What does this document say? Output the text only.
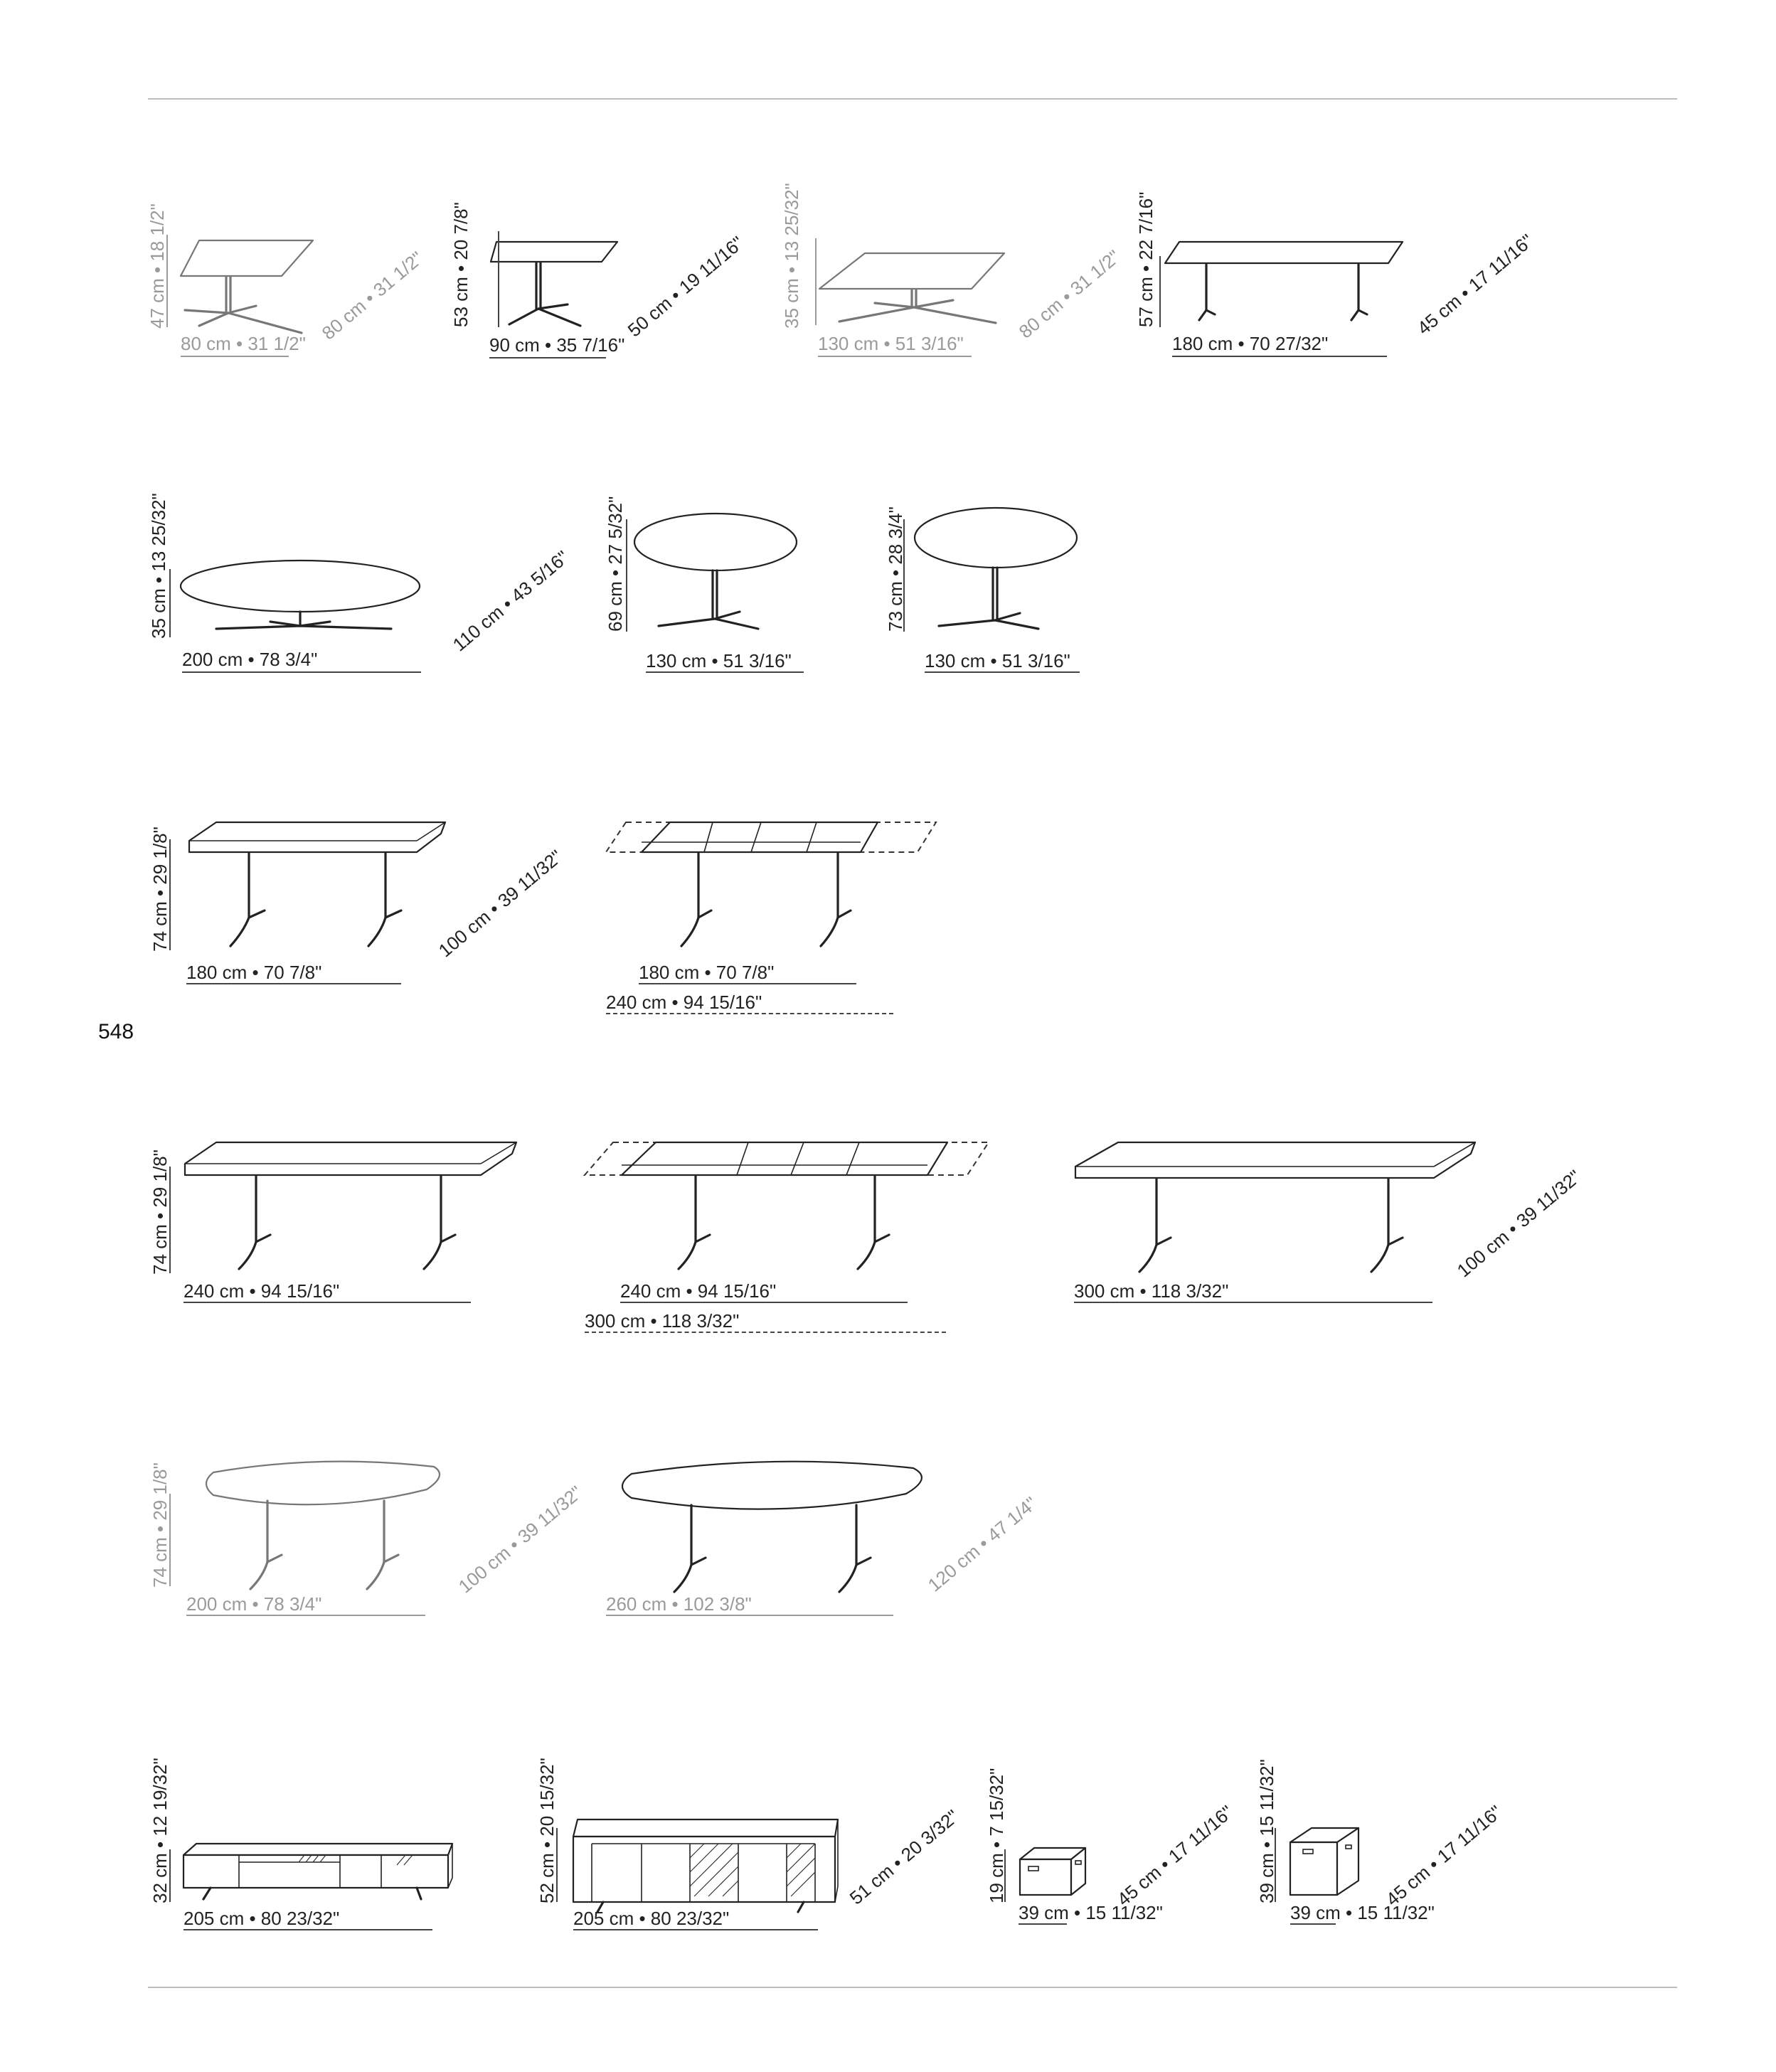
548
47 cm • 18 1/2"
80 cm • 31 1/2" 80 cm • 31 1/2" 53 cm • 20 7/8"
90 cm • 35 7/16"
50 cm • 19 11/16" 35 cm • 13 25/32"
130 cm • 51 3/16"
80 cm • 31 1/2" 57 cm • 22 7/16"
180 cm • 70 27/32"
45 cm • 17 11/16"
35 cm • 13 25/32"
200 cm • 78 3/4"
110 cm • 43 5/16" 69 cm • 27 5/32"
130 cm • 51 3/16"
73 cm • 28 3/4"
130 cm • 51 3/16"
74 cm • 29 1/8"
180 cm • 70 7/8"
100 cm • 39 11/32"
180 cm • 70 7/8"
240 cm • 94 15/16"
74 cm • 29 1/8"
240 cm • 94 15/16"	240 cm • 94 15/16"
300 cm • 118 3/32"
300 cm • 118 3/32"
100 cm • 39 11/32"
74 cm • 29 1/8"
200 cm • 78 3/4"
100 cm • 39 11/32"
260 cm • 102 3/8"
120 cm • 47 1/4"
32 cm • 12 19/32"
205 cm • 80 23/32"
52 cm • 20 15/32"
205 cm • 80 23/32"
51 cm • 20 3/32" 19 cm • 7 15/32"
39 cm • 15 11/32"
45 cm • 17 11/16" 39 cm • 15 11/32"
39 cm • 15 11/32"
45 cm • 17 11/16"
